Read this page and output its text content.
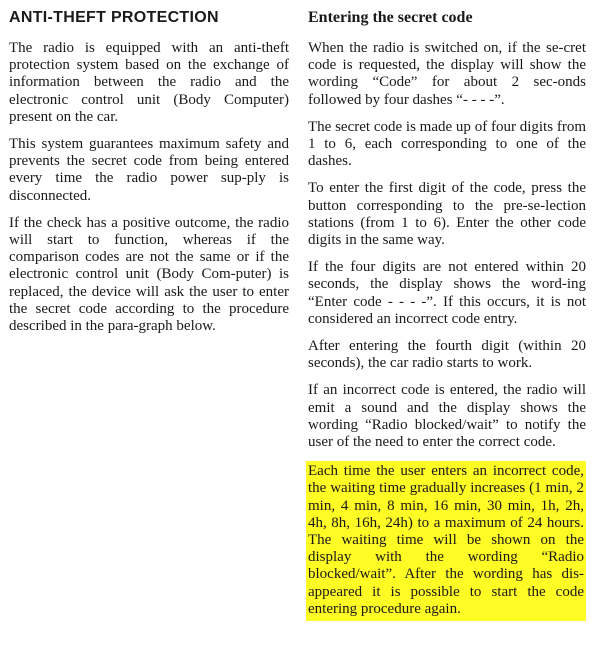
ANTI-THEFT PROTECTION

The radio is equipped with an anti-theft protection system based on the exchange of information between the radio and the electronic control unit (Body Computer) present on the car.

This system guarantees maximum safety and prevents the secret code from being entered every time the radio power sup-ply is disconnected.

If the check has a positive outcome, the radio will start to function, whereas if the comparison codes are not the same or if the electronic control unit (Body Com-puter) is replaced, the device will ask the user to enter the secret code according to the procedure described in the para-graph below.

Entering the secret code

When the radio is switched on, if the se-cret code is requested, the display will show the wording “Code” for about 2 sec-onds followed by four dashes “- - - -”.

The secret code is made up of four digits from 1 to 6, each corresponding to one of the dashes.

To enter the first digit of the code, press the button corresponding to the pre-se-lection stations (from 1 to 6). Enter the other code digits in the same way.

If the four digits are not entered within 20 seconds, the display shows the word-ing “Enter code - - - -”. If this occurs, it is not considered an incorrect code entry.

After entering the fourth digit (within 20 seconds), the car radio starts to work.

If an incorrect code is entered, the radio will emit a sound and the display shows the wording “Radio blocked/wait” to notify the user of the need to enter the correct code.

Each time the user enters an incorrect code, the waiting time gradually increases (1 min, 2 min, 4 min, 8 min, 16 min, 30 min, 1h, 2h, 4h, 8h, 16h, 24h) to a maximum of 24 hours. The waiting time will be shown on the display with the wording “Radio blocked/wait”. After the wording has dis-appeared it is possible to start the code entering procedure again.
